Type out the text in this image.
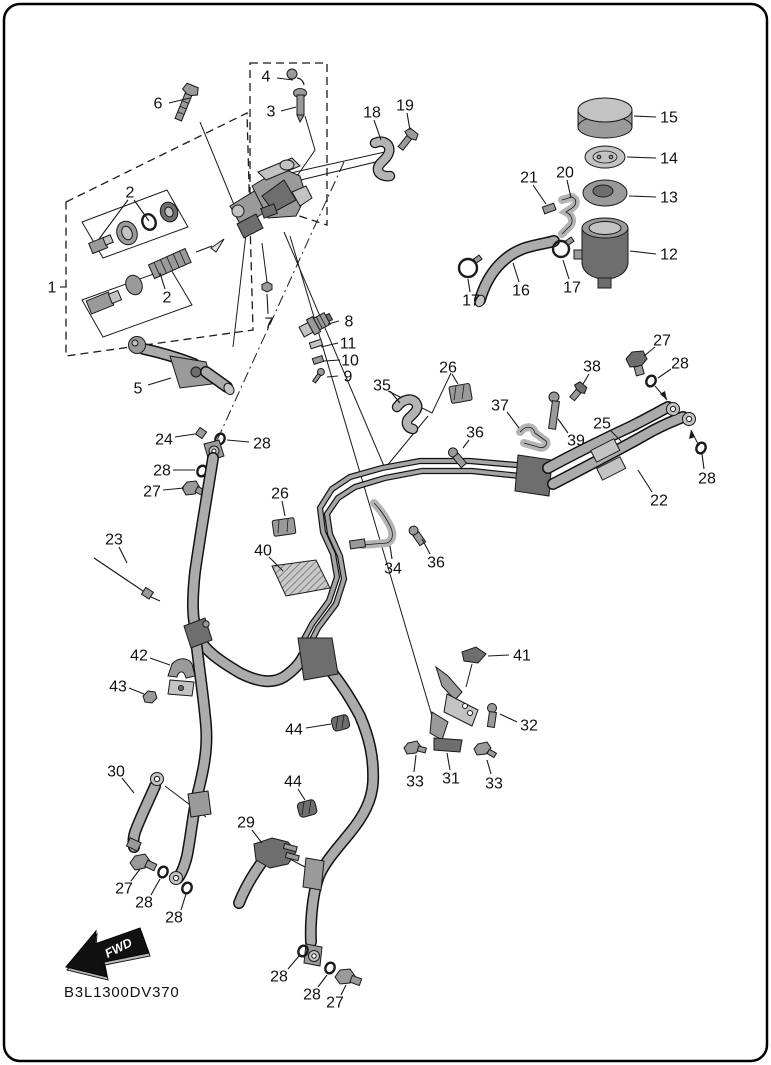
4
6	3	18 19
15
14
2
21 20
13
12
1
2	17
16 17
7	8
11
10
9
5
27
28
38
35
26
37
39
25
36
22
28
24	28
28
27
23
26
40
34 36
42
43
41
32
44
33 31 33
44
30
29
27
28
28
28
28 27
FWD
B3L1300DV370
